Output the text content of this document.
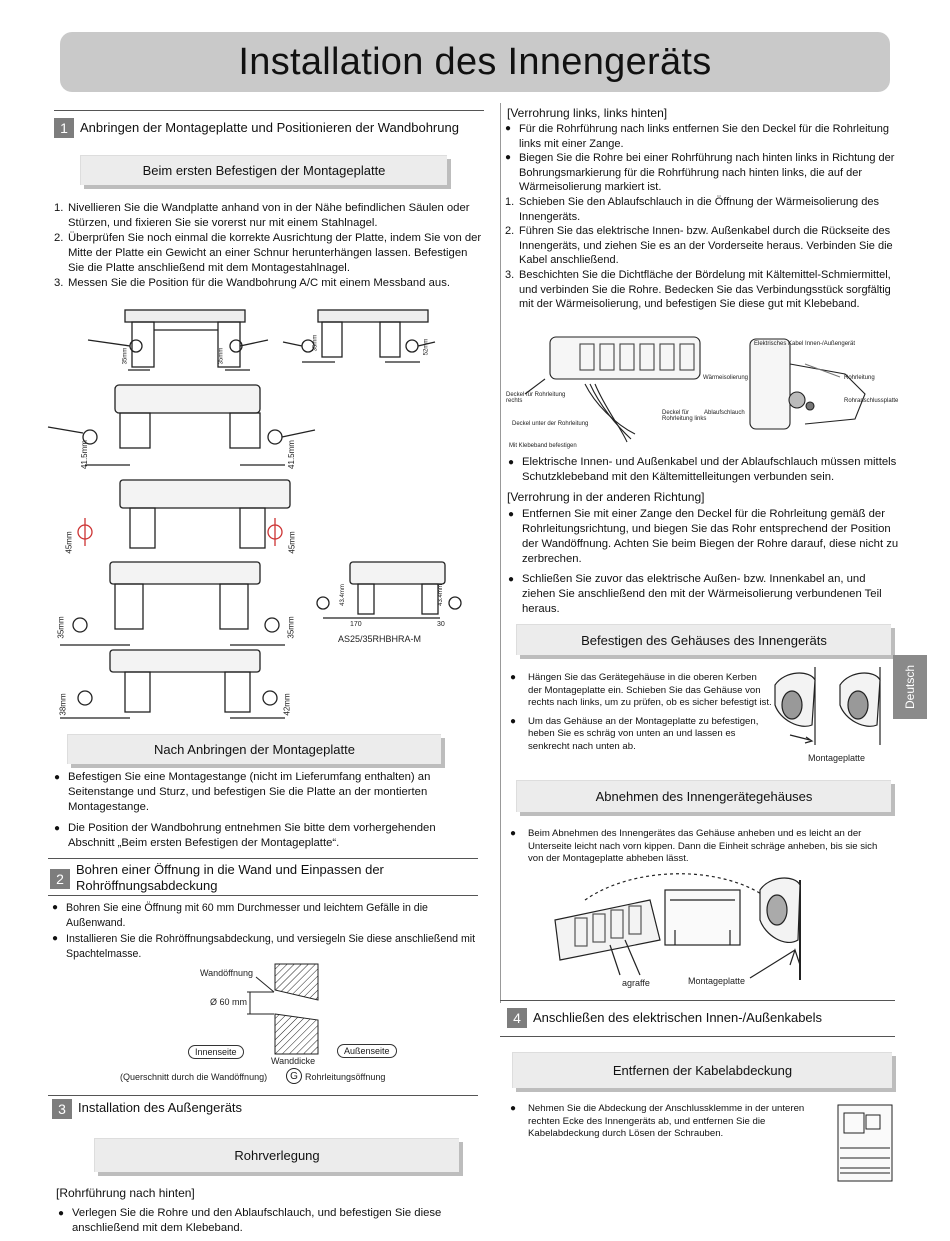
Installation des Innengeräts
1 Anbringen der Montageplatte und Positionieren der Wandbohrung
Beim ersten Befestigen der Montageplatte
1. Nivellieren Sie die Wandplatte anhand von in der Nähe befindlichen Säulen oder Stürzen, und fixieren Sie sie vorerst nur mit einem Stahlnagel.
2. Überprüfen Sie noch einmal die korrekte Ausrichtung der Platte, indem Sie von der Mitte der Platte ein Gewicht an einer Schnur herunterhängen lassen. Befestigen Sie die Platte anschließend mit dem Montagestahlnagel.
3. Messen Sie die Position für die Wandbohrung A/C mit einem Messband aus.
35mm	35mm
35mm	52mm
41.5mm	41.5mm
45mm	45mm
43.4mm	43.4mm
170	30
35mm	35mm
38mm	42mm
AS25/35RHBHRA-M
Nach Anbringen der Montageplatte
● Befestigen Sie eine Montagestange (nicht im Lieferumfang enthalten) an Seitenstange und Sturz, und befestigen Sie die Platte an der montierten Montagestange.
● Die Position der Wandbohrung entnehmen Sie bitte dem vorhergehenden Abschnitt „Beim ersten Befestigen der Montageplatte“.
2
Bohren einer Öffnung in die Wand und Einpassen der
Rohröffnungsabdeckung
● Bohren Sie eine Öffnung mit 60 mm Durchmesser und leichtem Gefälle in die Außenwand.
● Installieren Sie die Rohröffnungsabdeckung, und versiegeln Sie diese anschließend mit Spachtelmasse.
Wandöffnung
Ø 60 mm
Innenseite	Außenseite
Wanddicke
(Querschnitt durch die Wandöffnung)	G Rohrleitungsöffnung
3 Installation des Außengeräts
Rohrverlegung
[Rohrführung nach hinten]
● Verlegen Sie die Rohre und den Ablaufschlauch, und befestigen Sie diese anschließend mit dem Klebeband.
[Verrohrung links, links hinten]
● Für die Rohrführung nach links entfernen Sie den Deckel für die Rohrleitung links mit einer Zange.
● Biegen Sie die Rohre bei einer Rohrführung nach hinten links in Richtung der Bohrungsmarkierung für die Rohrführung nach hinten links, die auf der Wärmeisolierung markiert ist.
1. Schieben Sie den Ablaufschlauch in die Öffnung der Wärmeisolierung des Innengeräts.
2. Führen Sie das elektrische Innen- bzw. Außenkabel durch die Rückseite des Innengeräts, und ziehen Sie es an der Vorderseite heraus. Verbinden Sie die Kabel anschließend.
3. Beschichten Sie die Dichtfläche der Bördelung mit Kältemittel-Schmiermittel, und verbinden Sie die Rohre. Bedecken Sie das Verbindungsstück sorgfältig mit der Wärmeisolierung, und befestigen Sie diese gut mit Klebeband.
Elektrisches Kabel Innen-/Außengerät
Wärmeisolierung	Rohrleitung
Rohranschlussplatte
Deckel für Rohrleitung rechts
Deckel für Rohrleitung links
Ablaufschlauch
Deckel unter der Rohrleitung
Mit Klebeband befestigen
● Elektrische Innen- und Außenkabel und der Ablaufschlauch müssen mittels Schutzklebeband mit den Kältemittelleitungen verbunden sein.
[Verrohrung in der anderen Richtung]
● Entfernen Sie mit einer Zange den Deckel für die Rohrleitung gemäß der Rohrleitungsrichtung, und biegen Sie das Rohr entsprechend der Position der Wandöffnung. Achten Sie beim Biegen der Rohre darauf, diese nicht zu zerbrechen.
● Schließen Sie zuvor das elektrische Außen- bzw. Innenkabel an, und ziehen Sie anschließend den mit der Wärmeisolierung verbundenen Teil heraus.
Befestigen des Gehäuses des Innengeräts
●	Hängen Sie das Gerätegehäuse in die oberen Kerben der Montageplatte ein. Schieben Sie das Gehäuse von rechts nach links, um zu prüfen, ob es sicher befestigt ist.
●	Um das Gehäuse an der Montageplatte zu befestigen, heben Sie es schräg von unten an und lassen es senkrecht nach unten ab.
Montageplatte
Abnehmen des Innengerätegehäuses
●	Beim Abnehmen des Innengerätes das Gehäuse anheben und es leicht an der Unterseite leicht nach vorn kippen. Dann die Einheit schräge anheben, bis sie sich von der Montageplatte abheben lässt.
agraffe	Montageplatte
4 Anschließen des elektrischen Innen-/Außenkabels
Entfernen der Kabelabdeckung
●	Nehmen Sie die Abdeckung der Anschlussklemme in der unteren rechten Ecke des Innengeräts ab, und entfernen Sie die Kabelabdeckung durch Lösen der Schrauben.
Deutsch
